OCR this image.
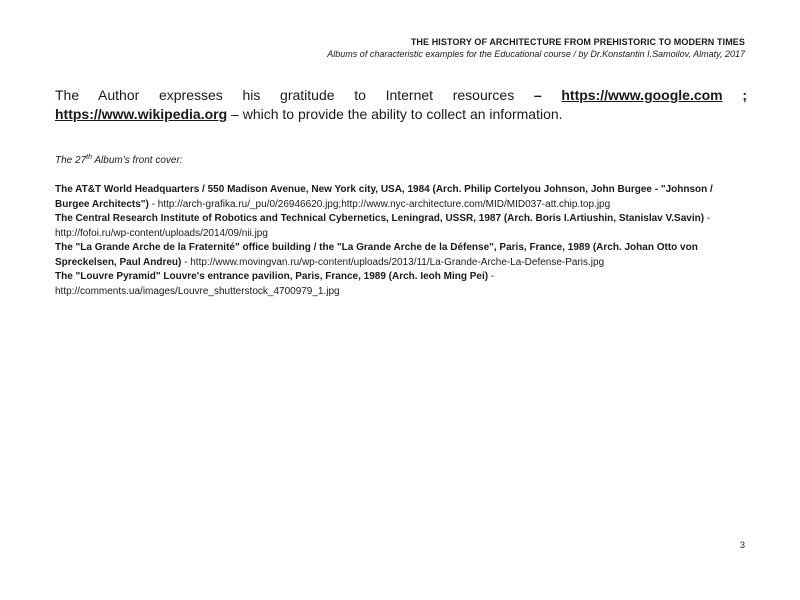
THE HISTORY OF ARCHITECTURE FROM PREHISTORIC TO MODERN TIMES
Albums of characteristic examples for the Educational course / by Dr.Konstantin I.Samoilov, Almaty, 2017
The Author expresses his gratitude to Internet resources – https://www.google.com ; https://www.wikipedia.org – which to provide the ability to collect an information.
The 27th Album’s front cover:

The AT&T World Headquarters / 550 Madison Avenue, New York city, USA, 1984 (Arch. Philip Cortelyou Johnson, John Burgee - "Johnson / Burgee Architects") - http://arch-grafika.ru/_pu/0/26946620.jpg;http://www.nyc-architecture.com/MID/MID037-att.chip.top.jpg

The Central Research Institute of Robotics and Technical Cybernetics, Leningrad, USSR, 1987 (Arch. Boris I.Artiushin, Stanislav V.Savin) - http://fofoi.ru/wp-content/uploads/2014/09/nii.jpg

The "La Grande Arche de la Fraternité" office building / the "La Grande Arche de la Défense", Paris, France, 1989 (Arch. Johan Otto von Spreckelsen, Paul Andreu) - http://www.movingvan.ru/wp-content/uploads/2013/11/La-Grande-Arche-La-Defense-Paris.jpg

The "Louvre Pyramid" Louvre's entrance pavilion, Paris, France, 1989 (Arch. Ieoh Ming Pei) - http://comments.ua/images/Louvre_shutterstock_4700979_1.jpg

3
